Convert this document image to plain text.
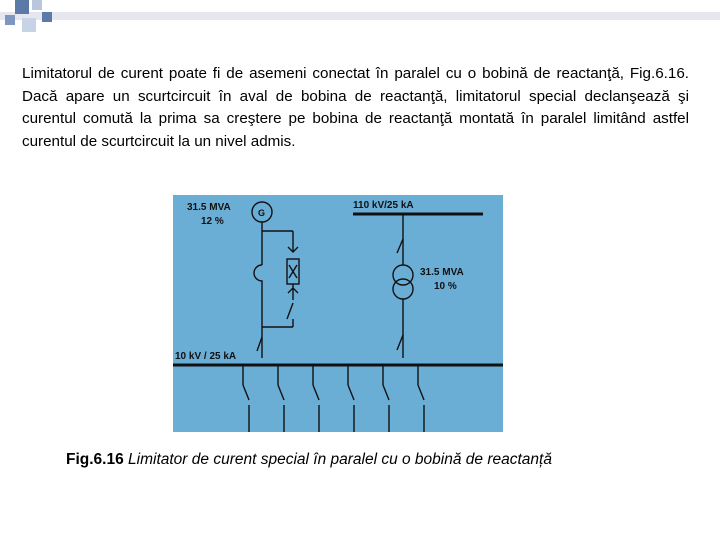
Limitatorul de curent poate fi de asemeni conectat în paralel cu o bobină de reactanţă, Fig.6.16. Dacă apare un scurtcircuit în aval de bobina de reactanţă, limitatorul special declanşează şi curentul comută la prima sa creştere pe bobina de reactanţă montată în paralel limitând astfel curentul de scurtcircuit la un nivel admis.

31.5 MVA
12 %
G
110 kV/25 kA
31.5 MVA
10 %
10 kV / 25 kA
Fig.6.16 Limitator de curent special în paralel cu o bobină de reactanță
